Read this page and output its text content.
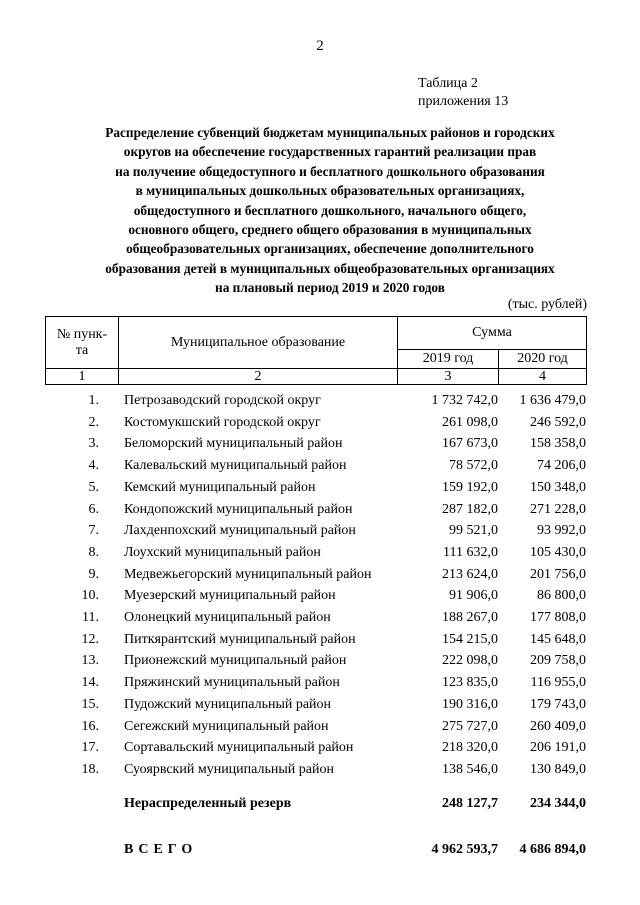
2
Таблица 2
приложения 13
Распределение субвенций бюджетам муниципальных районов и городских
округов на обеспечение государственных гарантий реализации прав
на получение общедоступного и бесплатного дошкольного образования
в муниципальных дошкольных образовательных организациях,
общедоступного и бесплатного дошкольного, начального общего,
основного общего, среднего общего образования в муниципальных
общеобразовательных организациях, обеспечение дополнительного
образования детей в муниципальных общеобразовательных организациях
на плановый период 2019 и 2020 годов
(тыс. рублей)
№ пунк-
та	Муниципальное образование	Сумма	
		2019 год	2020 год
1	2	3	4
1.	Петрозаводский городской округ	1 732 742,0	1 636 479,0
2.	Костомукшский городской округ	261 098,0	246 592,0
3.	Беломорский муниципальный район	167 673,0	158 358,0
4.	Калевальский муниципальный район	78 572,0	74 206,0
5.	Кемский муниципальный район	159 192,0	150 348,0
6.	Кондопожский муниципальный район	287 182,0	271 228,0
7.	Лахденпохский муниципальный район	99 521,0	93 992,0
8.	Лоухский муниципальный район	111 632,0	105 430,0
9.	Медвежьегорский муниципальный район	213 624,0	201 756,0
10.	Муезерский муниципальный район	91 906,0	86 800,0
11.	Олонецкий муниципальный район	188 267,0	177 808,0
12.	Питкярантский муниципальный район	154 215,0	145 648,0
13.	Прионежский муниципальный район	222 098,0	209 758,0
14.	Пряжинский муниципальный район	123 835,0	116 955,0
15.	Пудожский муниципальный район	190 316,0	179 743,0
16.	Сегежский муниципальный район	275 727,0	260 409,0
17.	Сортавальский муниципальный район	218 320,0	206 191,0
18.	Суоярвский муниципальный район	138 546,0	130 849,0
Нераспределенный резерв	248 127,7	234 344,0
ВСЕГО	4 962 593,7	4 686 894,0
